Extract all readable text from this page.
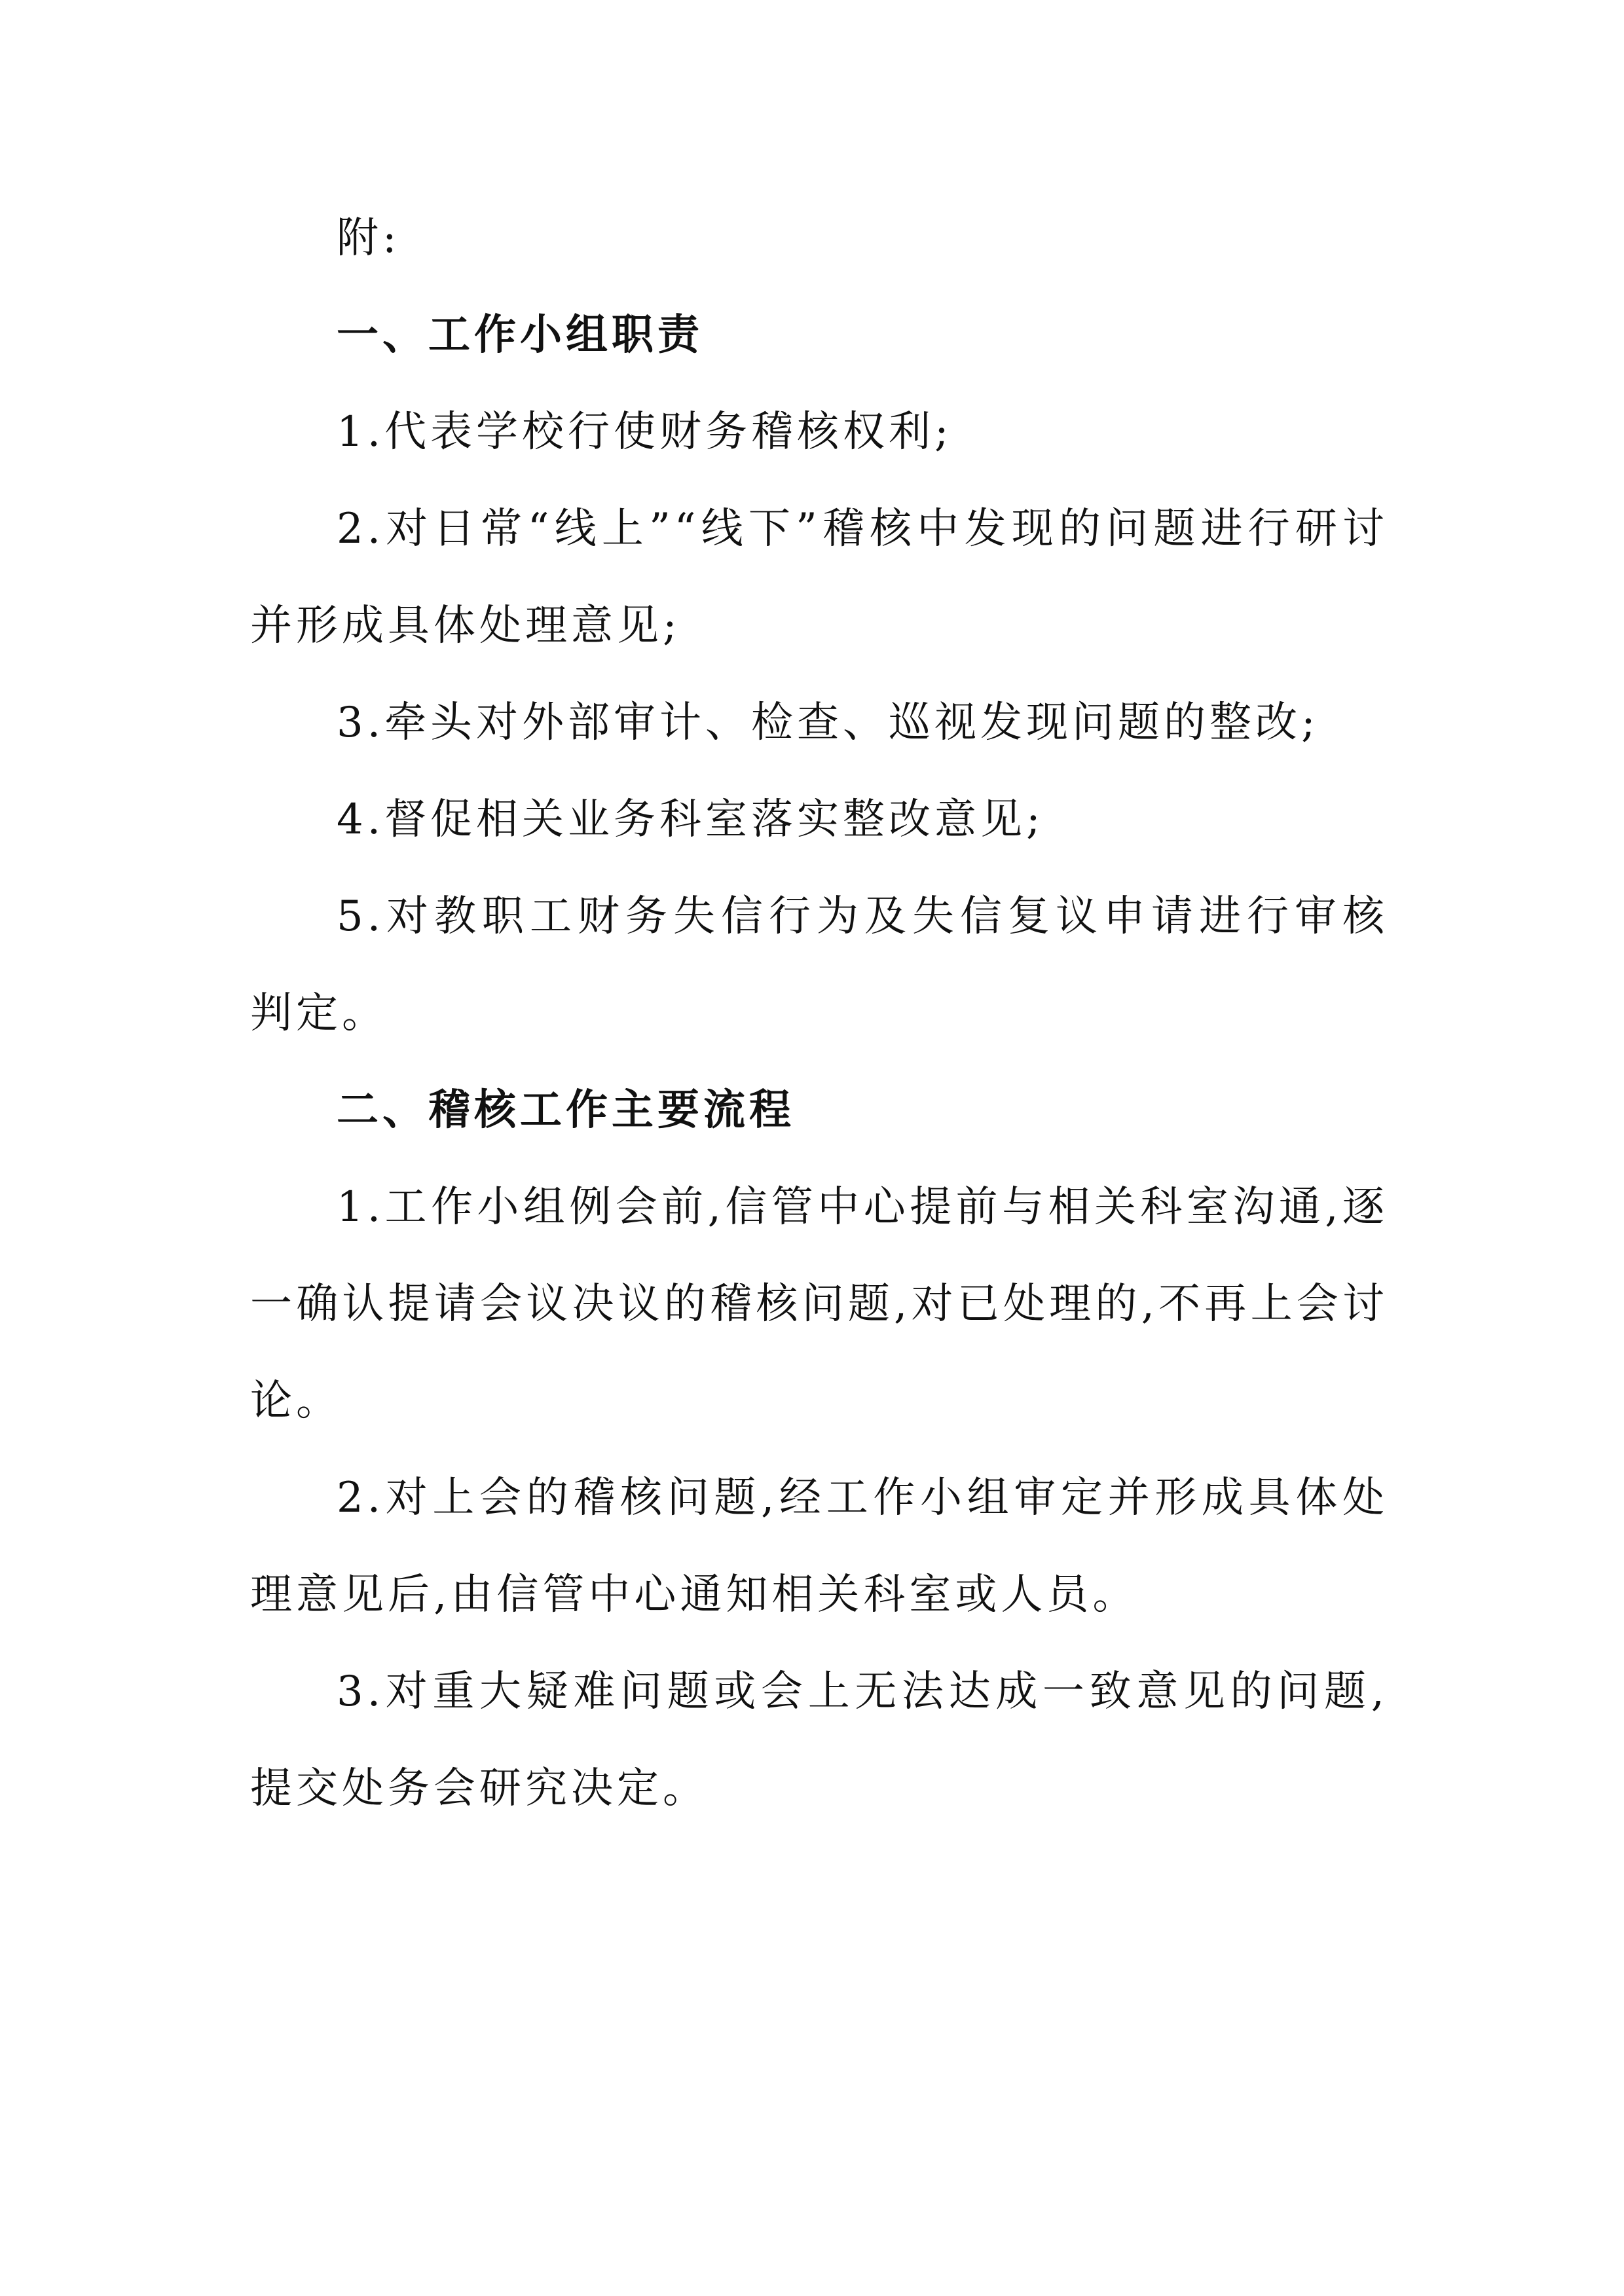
附:

一、工作小组职责

1.代表学校行使财务稽核权利;

2.对日常“线上”“线下”稽核中发现的问题进行研讨并形成具体处理意见;

3.牵头对外部审计、检查、巡视发现问题的整改;

4.督促相关业务科室落实整改意见;

5.对教职工财务失信行为及失信复议申请进行审核判定。

二、稽核工作主要流程

1.工作小组例会前,信管中心提前与相关科室沟通,逐一确认提请会议决议的稽核问题,对已处理的,不再上会讨论。

2.对上会的稽核问题,经工作小组审定并形成具体处理意见后,由信管中心通知相关科室或人员。

3.对重大疑难问题或会上无法达成一致意见的问题,提交处务会研究决定。
